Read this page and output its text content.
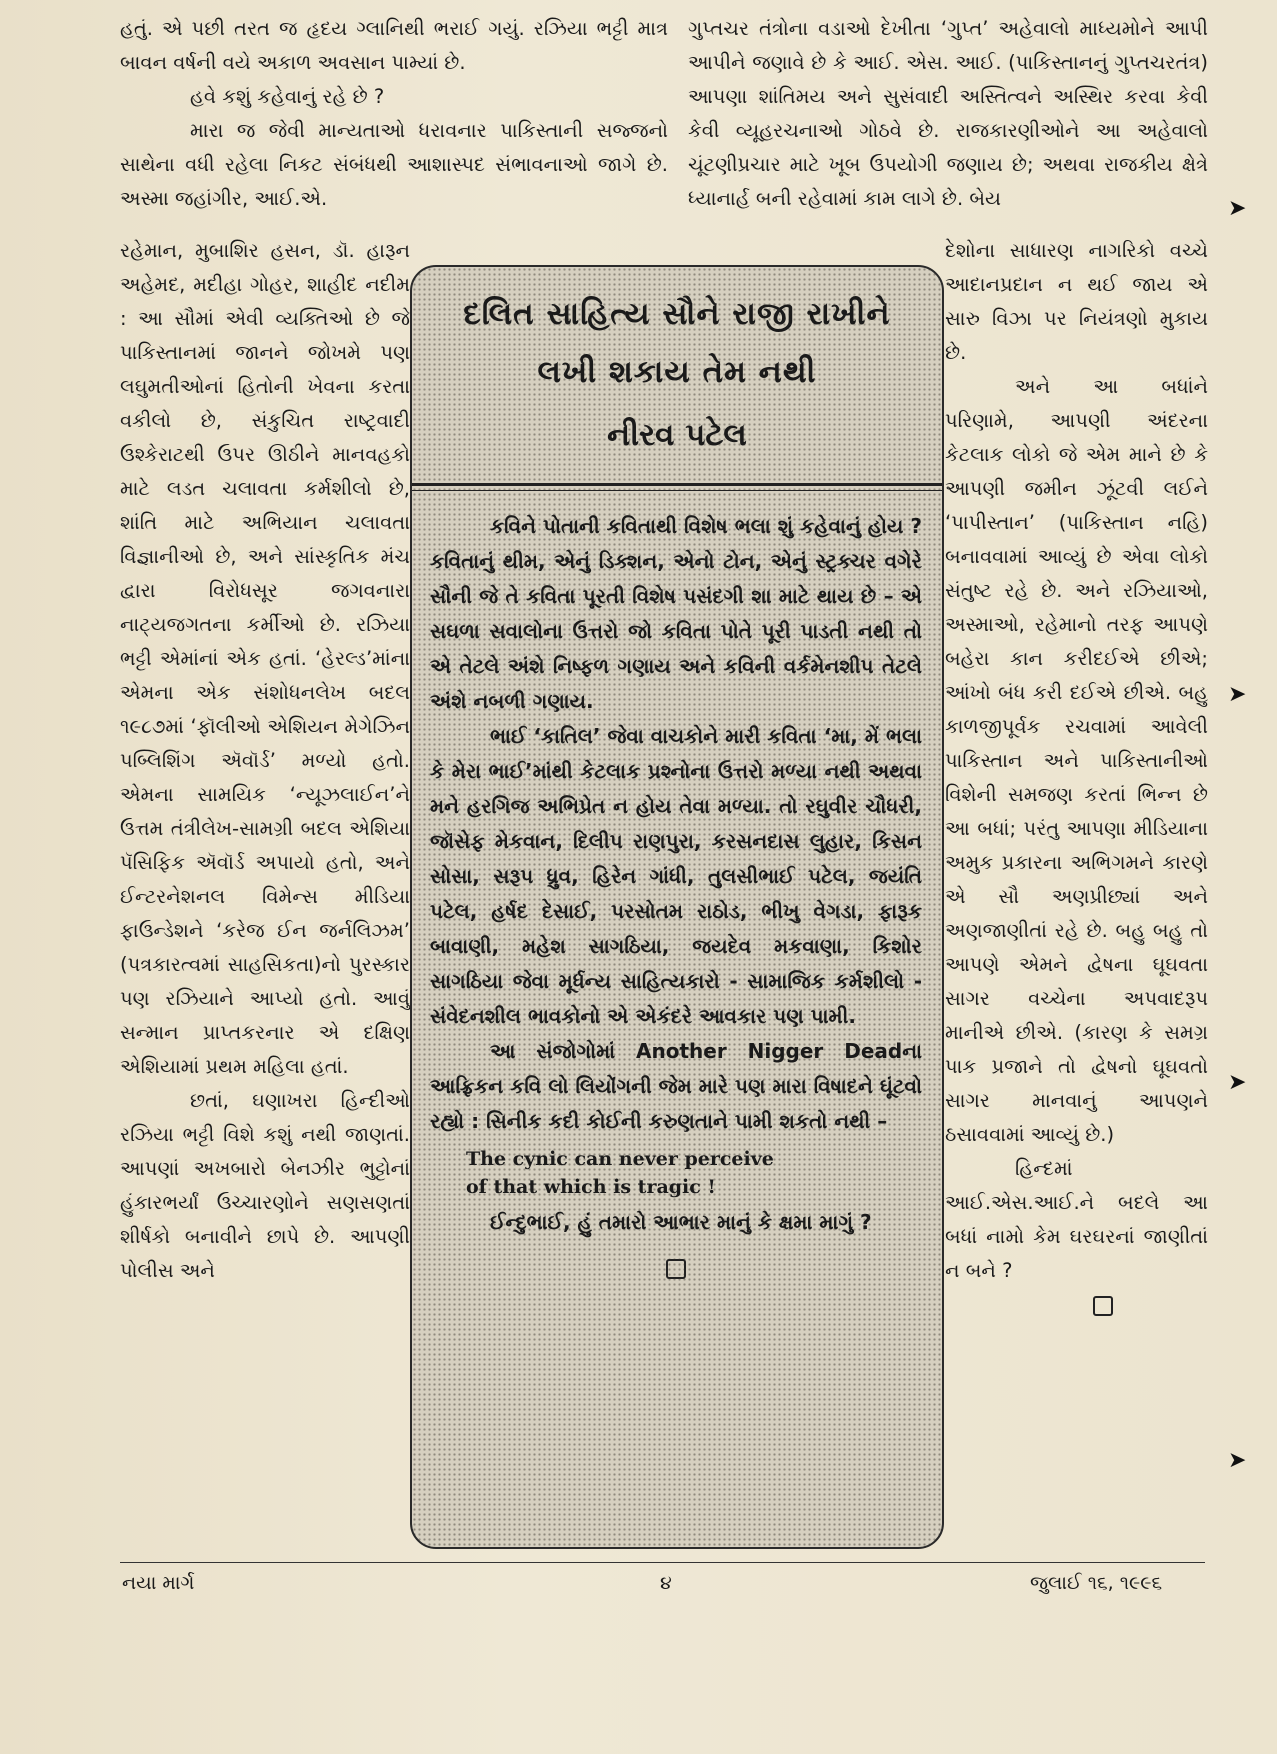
હતું. એ પછી તરત જ હૃદય ગ્લાનિથી ભરાઈ ગયું. રઝિયા ભટ્ટી માત્ર બાવન વર્ષની વયે અકાળ અવસાન પામ્યાં છે.

હવે કશું કહેવાનું રહે છે ?

મારા જ જેવી માન્યતાઓ ધરાવનાર પાકિસ્તાની સજ્જનો સાથેના વધી રહેલા નિકટ સંબંધથી આશાસ્પદ સંભાવનાઓ જાગે છે. અસ્મા જહાંગીર, આઈ.એ.

રહેમાન, મુબાશિર હસન, ડૉ. હારૂન અહેમદ, મદીહા ગોહર, શાહીદ નદીમ : આ સૌમાં એવી વ્યક્તિઓ છે જે પાકિસ્તાનમાં જાનને જોખમે પણ લઘુમતીઓનાં હિતોની ખેવના કરતા વકીલો છે, સંકુચિત રાષ્ટ્રવાદી ઉશ્કેરાટથી ઉપર ઊઠીને માનવહકો માટે લડત ચલાવતા કર્મશીલો છે, શાંતિ માટે અભિયાન ચલાવતા વિજ્ઞાનીઓ છે, અને સાંસ્કૃતિક મંચ દ્વારા વિરોધસૂર જગવનારા નાટ્યજગતના કર્મીઓ છે. રઝિયા ભટ્ટી એમાંનાં એક હતાં. ‘હેરલ્ડ’માંના એમના એક સંશોધનલેખ બદલ ૧૯૮૭માં ‘ફૉલીઓ એશિયન મેગેઝિન પબ્લિશિંગ ઍવૉર્ડ’ મળ્યો હતો. એમના સામયિક ‘ન્યૂઝલાઈન’ને ઉત્તમ તંત્રીલેખ-સામગ્રી બદલ એશિયા પૅસિફિક ઍવૉર્ડ અપાયો હતો, અને ઈન્ટરનેશનલ વિમેન્સ મીડિયા ફાઉન્ડેશને ‘કરેજ ઈન જર્નલિઝમ’ (પત્રકારત્વમાં સાહસિકતા)નો પુરસ્કાર પણ રઝિયાને આપ્યો હતો. આવું સન્માન પ્રાપ્તકરનાર એ દક્ષિણ એશિયામાં પ્રથમ મહિલા હતાં.

છતાં, ઘણાખરા હિન્દીઓ રઝિયા ભટ્ટી વિશે કશું નથી જાણતાં. આપણાં અખબારો બેનઝીર ભુટ્ટોનાં હુંકારભર્યાં ઉચ્ચારણોને સણસણતાં શીર્ષકો બનાવીને છાપે છે. આપણી પોલીસ અને

ગુપ્તચર તંત્રોના વડાઓ દેખીતા ‘ગુપ્ત’ અહેવાલો માધ્યમોને આપી આપીને જણાવે છે કે આઈ. એસ. આઈ. (પાકિસ્તાનનું ગુપ્તચરતંત્ર) આપણા શાંતિમય અને સુસંવાદી અસ્તિત્વને અસ્થિર કરવા કેવી કેવી વ્યૂહરચનાઓ ગોઠવે છે. રાજકારણીઓને આ અહેવાલો ચૂંટણીપ્રચાર માટે ખૂબ ઉપયોગી જણાય છે; અથવા રાજકીય ક્ષેત્રે ધ્યાનાર્હ બની રહેવામાં કામ લાગે છે. બેય

દેશોના સાધારણ નાગરિકો વચ્ચે આદાનપ્રદાન ન થઈ જાય એ સારુ વિઝા પર નિયંત્રણો મુકાય છે.

અને આ બધાંને પરિણામે, આપણી અંદરના કેટલાક લોકો જે એમ માને છે કે આપણી જમીન ઝૂંટવી લઈને ‘પાપીસ્તાન’ (પાકિસ્તાન નહિ) બનાવવામાં આવ્યું છે એવા લોકો સંતુષ્ટ રહે છે. અને રઝિયાઓ, અસ્માઓ, રહેમાનો તરફ આપણે બહેરા કાન કરીદઈએ છીએ; આંખો બંધ કરી દઈએ છીએ. બહુ કાળજીપૂર્વક રચવામાં આવેલી પાકિસ્તાન અને પાકિસ્તાનીઓ વિશેની સમજણ કરતાં ભિન્ન છે આ બધાં; પરંતુ આપણા મીડિયાના અમુક પ્રકારના અભિગમને કારણે એ સૌ અણપ્રીછ્યાં અને અણજાણીતાં રહે છે. બહુ બહુ તો આપણે એમને દ્વેષના ઘૂઘવતા સાગર વચ્ચેના અપવાદરૂપ માનીએ છીએ. (કારણ કે સમગ્ર પાક પ્રજાને તો દ્વેષનો ઘૂઘવતો સાગર માનવાનું આપણને ઠસાવવામાં આવ્યું છે.)

હિન્દમાં આઈ.એસ.આઈ.ને બદલે આ બધાં નામો કેમ ઘરઘરનાં જાણીતાં ન બને ?

દલિત સાહિત્ય સૌને રાજી રાખીને
લખી શકાય તેમ નથી
નીરવ પટેલ

કવિને પોતાની કવિતાથી વિશેષ ભલા શું કહેવાનું હોય ? કવિતાનું થીમ, એનું ડિક્શન, એનો ટોન, એનું સ્ટ્રક્ચર વગેરે સૌની જે તે કવિતા પૂરતી વિશેષ પસંદગી શા માટે થાય છે – એ સઘળા સવાલોના ઉત્તરો જો કવિતા પોતે પૂરી પાડતી નથી તો એ તેટલે અંશે નિષ્ફળ ગણાય અને કવિની વર્કમેનશીપ તેટલે અંશે નબળી ગણાય.

ભાઈ ‘કાતિલ’ જેવા વાચકોને મારી કવિતા ‘મા, મેં ભલા કે મેરા ભાઈ’માંથી કેટલાક પ્રશ્નોના ઉત્તરો મળ્યા નથી અથવા મને હરગિજ અભિપ્રેત ન હોય તેવા મળ્યા. તો રઘુવીર ચૌધરી, જૉસેફ મેકવાન, દિલીપ રાણપુરા, કરસનદાસ લુહાર, કિસન સોસા, સરૂપ ધ્રુવ, હિરેન ગાંધી, તુલસીભાઈ પટેલ, જયંતિ પટેલ, હર્ષદ દેસાઈ, પરસોતમ રાઠોડ, ભીખુ વેગડા, ફારૂક બાવાણી, મહેશ સાગઠિયા, જયદેવ મકવાણા, કિશોર સાગઠિયા જેવા મૂર્ધન્ય સાહિત્યકારો - સામાજિક કર્મશીલો - સંવેદનશીલ ભાવકોનો એ એકંદરે આવકાર પણ પામી.

આ સંજોગોમાં Another Nigger Deadના આફ્રિકન કવિ લો લિયોંગની જેમ મારે પણ મારા વિષાદને ઘૂંટવો રહ્યો : સિનીક કદી કોઈની કરુણતાને પામી શકતો નથી –

The cynic can never perceive
of that which is tragic !

ઈન્દુભાઈ, હું તમારો આભાર માનું કે ક્ષમા માગું ?

➤
➤
➤
➤
નયા માર્ગ	૪	જુલાઈ ૧૬, ૧૯૯૬
